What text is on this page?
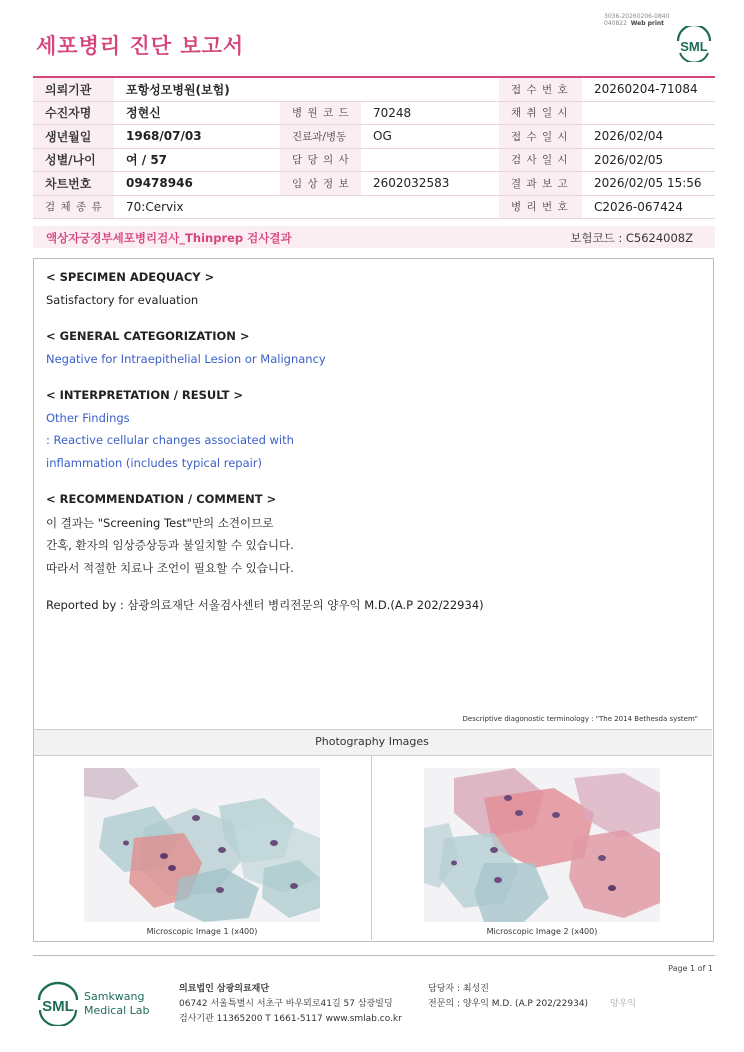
3036-20260206-0840
040822 Web print
세포병리 진단 보고서	SML
의뢰기관	포항성모병원(보험)			접 수 번 호	20260204-71084
수진자명	정현신	병 원 코 드	70248	채 취 일 시	
생년월일	1968/07/03	진료과/병동	OG	접 수 일 시	2026/02/04
성별/나이	여 / 57	담 당 의 사		검 사 일 시	2026/02/05
차트번호	09478946	임 상 정 보	2602032583	결 과 보 고	2026/02/05 15:56
검 체 종 류	70:Cervix			병 리 번 호	C2026-067424
액상자궁경부세포병리검사_Thinprep 검사결과	보험코드 : C5624008Z
< SPECIMEN ADEQUACY >
Satisfactory for evaluation
< GENERAL CATEGORIZATION >
Negative for Intraepithelial Lesion or Malignancy
< INTERPRETATION / RESULT >
Other Findings
: Reactive cellular changes associated with
inflammation (includes typical repair)
< RECOMMENDATION / COMMENT >
이 결과는 "Screening Test"만의 소견이므로
간혹, 환자의 임상증상등과 불일치할 수 있습니다.
따라서 적절한 치료나 조언이 필요할 수 있습니다.
Reported by : 삼광의료재단 서울검사센터 병리전문의 양우익 M.D.(A.P 202/22934)
Descriptive diagonostic terminology : "The 2014 Bethesda system"
Photography Images
Microscopic Image 1 (x400)	Microscopic Image 2 (x400)
Page 1 of 1
SML
Samkwang
Medical Lab
의료법인 삼광의료재단
06742 서울특별시 서초구 바우뫼로41길 57 삼광빌딩
검사기관 11365200 T 1661-5117 www.smlab.co.kr
담당자 : 최성진
전문의 : 양우익 M.D. (A.P 202/22934) 양우익
